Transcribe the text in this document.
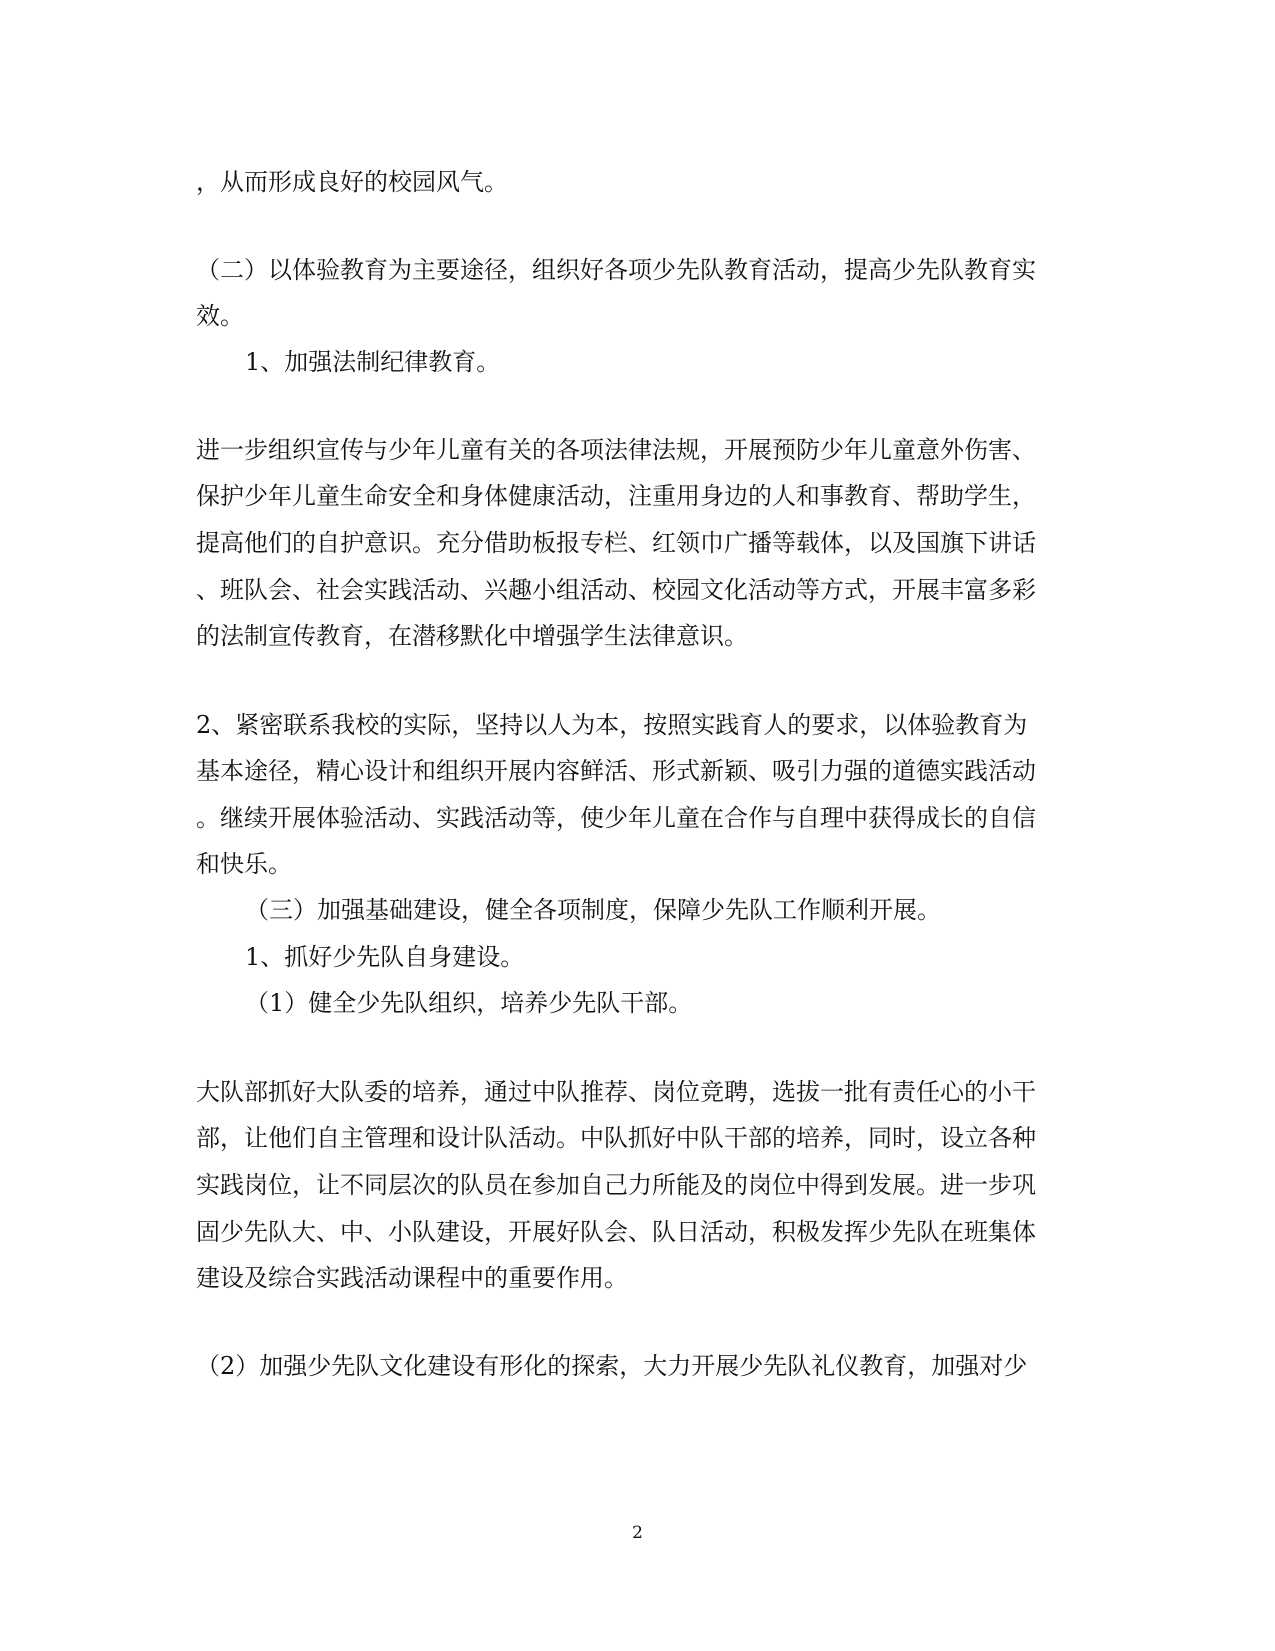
，从而形成良好的校园风气。
（二）以体验教育为主要途径，组织好各项少先队教育活动，提高少先队教育实
效。
1、加强法制纪律教育。
进一步组织宣传与少年儿童有关的各项法律法规，开展预防少年儿童意外伤害、
保护少年儿童生命安全和身体健康活动，注重用身边的人和事教育、帮助学生，
提高他们的自护意识。充分借助板报专栏、红领巾广播等载体，以及国旗下讲话
、班队会、社会实践活动、兴趣小组活动、校园文化活动等方式，开展丰富多彩
的法制宣传教育，在潜移默化中增强学生法律意识。
2、紧密联系我校的实际，坚持以人为本，按照实践育人的要求，以体验教育为
基本途径，精心设计和组织开展内容鲜活、形式新颖、吸引力强的道德实践活动
。继续开展体验活动、实践活动等，使少年儿童在合作与自理中获得成长的自信
和快乐。
（三）加强基础建设，健全各项制度，保障少先队工作顺利开展。
1、抓好少先队自身建设。
（1）健全少先队组织，培养少先队干部。
大队部抓好大队委的培养，通过中队推荐、岗位竞聘，选拔一批有责任心的小干
部，让他们自主管理和设计队活动。中队抓好中队干部的培养，同时，设立各种
实践岗位，让不同层次的队员在参加自己力所能及的岗位中得到发展。进一步巩
固少先队大、中、小队建设，开展好队会、队日活动，积极发挥少先队在班集体
建设及综合实践活动课程中的重要作用。
（2）加强少先队文化建设有形化的探索，大力开展少先队礼仪教育，加强对少
2
